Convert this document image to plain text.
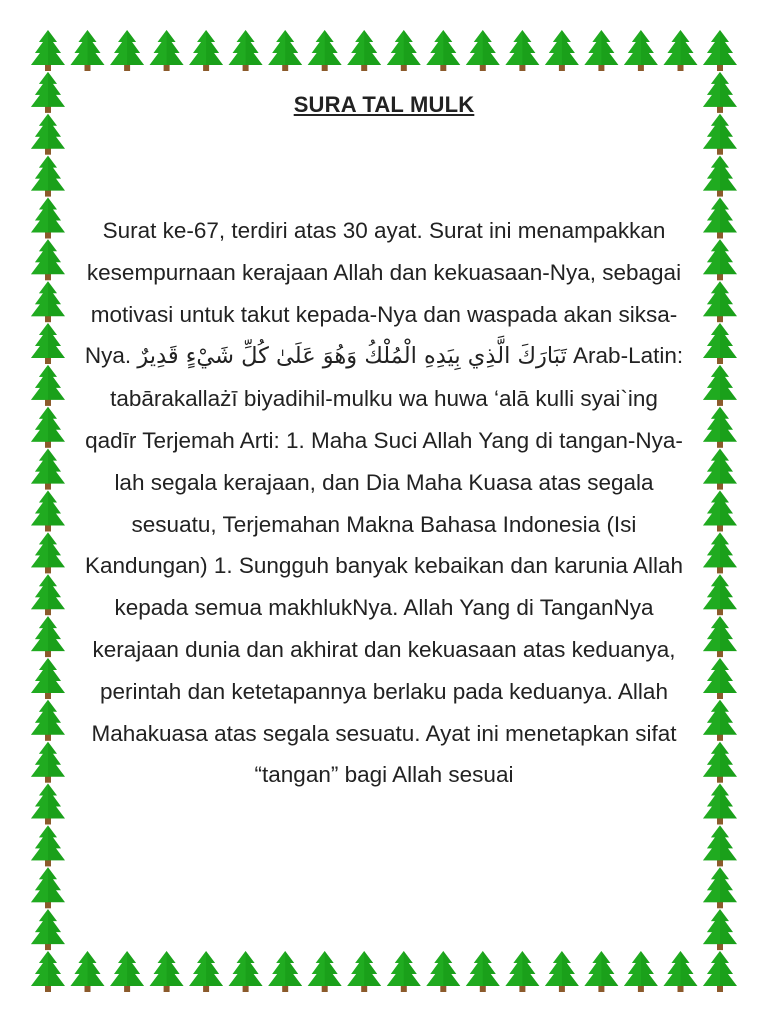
SURA TAL MULK

Surat ke-67, terdiri atas 30 ayat. Surat ini menampakkan kesempurnaan kerajaan Allah dan kekuasaan-Nya, sebagai motivasi untuk takut kepada-Nya dan waspada akan siksa-Nya. تَبَارَكَ الَّذِي بِيَدِهِ الْمُلْكُ وَهُوَ عَلَىٰ كُلِّ شَيْءٍ قَدِيرٌ Arab-Latin: tabārakallażī biyadihil-mulku wa huwa ‘alā kulli syai`ing qadīr Terjemah Arti: 1. Maha Suci Allah Yang di tangan-Nya-lah segala kerajaan, dan Dia Maha Kuasa atas segala sesuatu, Terjemahan Makna Bahasa Indonesia (Isi Kandungan) 1. Sungguh banyak kebaikan dan karunia Allah kepada semua makhlukNya. Allah Yang di TanganNya kerajaan dunia dan akhirat dan kekuasaan atas keduanya, perintah dan ketetapannya berlaku pada keduanya. Allah Mahakuasa atas segala sesuatu. Ayat ini menetapkan sifat “tangan” bagi Allah sesuai
